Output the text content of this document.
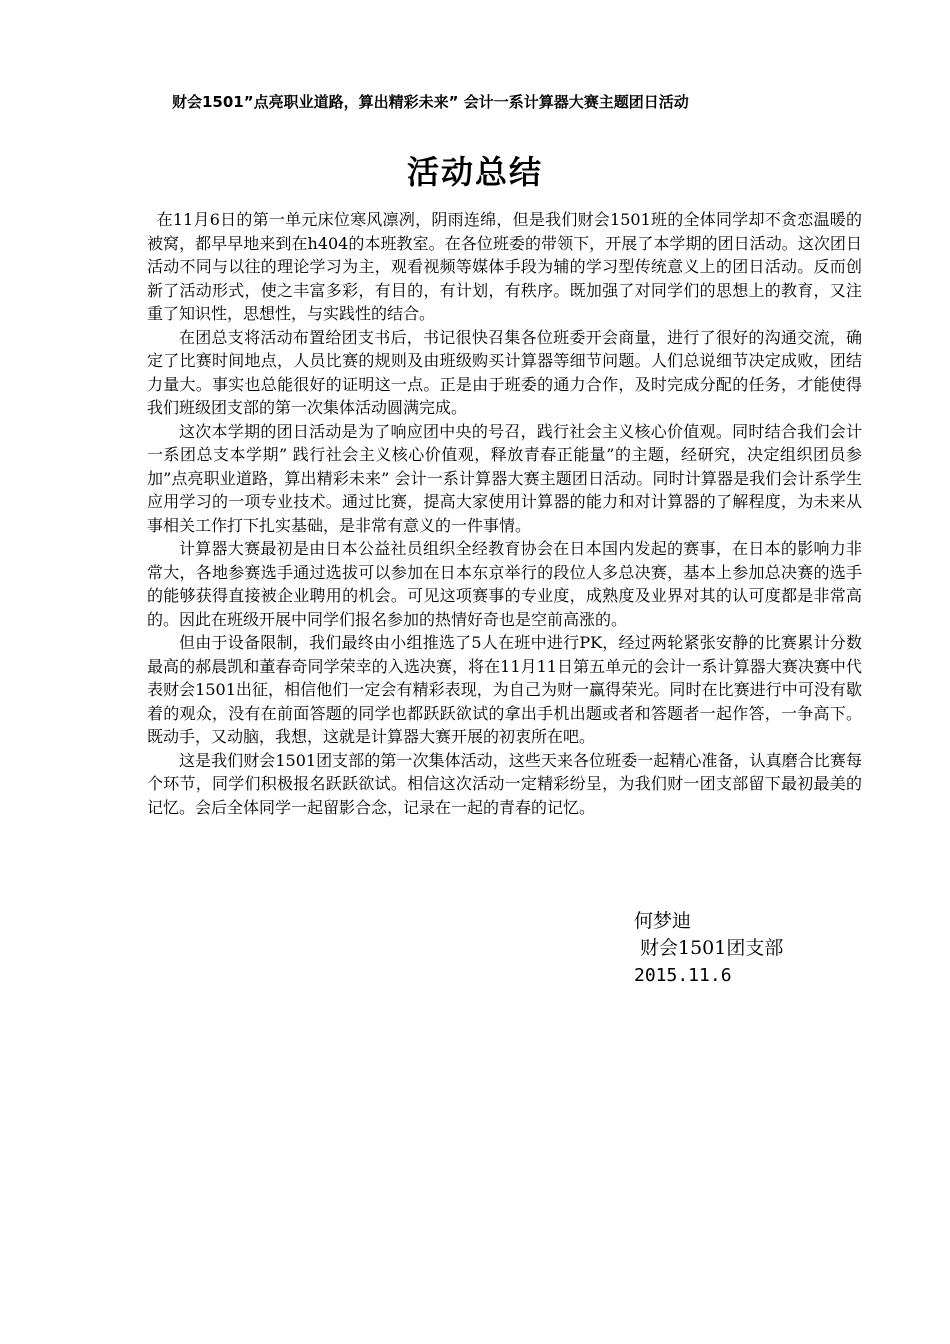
财会1501”点亮职业道路，算出精彩未来” 会计一系计算器大赛主题团日活动
活动总结

在11月6日的第一单元床位寒风凛冽，阴雨连绵，但是我们财会1501班的全体同学却不贪恋温暖的被窝，都早早地来到在h404的本班教室。在各位班委的带领下，开展了本学期的团日活动。这次团日活动不同与以往的理论学习为主，观看视频等媒体手段为辅的学习型传统意义上的团日活动。反而创新了活动形式，使之丰富多彩，有目的，有计划，有秩序。既加强了对同学们的思想上的教育，又注重了知识性，思想性，与实践性的结合。

在团总支将活动布置给团支书后，书记很快召集各位班委开会商量，进行了很好的沟通交流，确定了比赛时间地点，人员比赛的规则及由班级购买计算器等细节问题。人们总说细节决定成败，团结力量大。事实也总能很好的证明这一点。正是由于班委的通力合作，及时完成分配的任务，才能使得我们班级团支部的第一次集体活动圆满完成。

这次本学期的团日活动是为了响应团中央的号召，践行社会主义核心价值观。同时结合我们会计一系团总支本学期” 践行社会主义核心价值观，释放青春正能量”的主题，经研究，决定组织团员参加”点亮职业道路，算出精彩未来” 会计一系计算器大赛主题团日活动。同时计算器是我们会计系学生应用学习的一项专业技术。通过比赛，提高大家使用计算器的能力和对计算器的了解程度，为未来从事相关工作打下扎实基础，是非常有意义的一件事情。

计算器大赛最初是由日本公益社员组织全经教育协会在日本国内发起的赛事，在日本的影响力非常大，各地参赛选手通过选拔可以参加在日本东京举行的段位人多总决赛，基本上参加总决赛的选手的能够获得直接被企业聘用的机会。可见这项赛事的专业度，成熟度及业界对其的认可度都是非常高的。因此在班级开展中同学们报名参加的热情好奇也是空前高涨的。

但由于设备限制，我们最终由小组推选了5人在班中进行PK，经过两轮紧张安静的比赛累计分数最高的郝晨凯和董春奇同学荣幸的入选决赛，将在11月11日第五单元的会计一系计算器大赛决赛中代表财会1501出征，相信他们一定会有精彩表现，为自己为财一赢得荣光。同时在比赛进行中可没有歇着的观众，没有在前面答题的同学也都跃跃欲试的拿出手机出题或者和答题者一起作答，一争高下。既动手，又动脑，我想，这就是计算器大赛开展的初衷所在吧。

这是我们财会1501团支部的第一次集体活动，这些天来各位班委一起精心准备，认真磨合比赛每个环节，同学们积极报名跃跃欲试。相信这次活动一定精彩纷呈，为我们财一团支部留下最初最美的记忆。会后全体同学一起留影合念，记录在一起的青春的记忆。

何梦迪
财会1501团支部
2015.11.6
